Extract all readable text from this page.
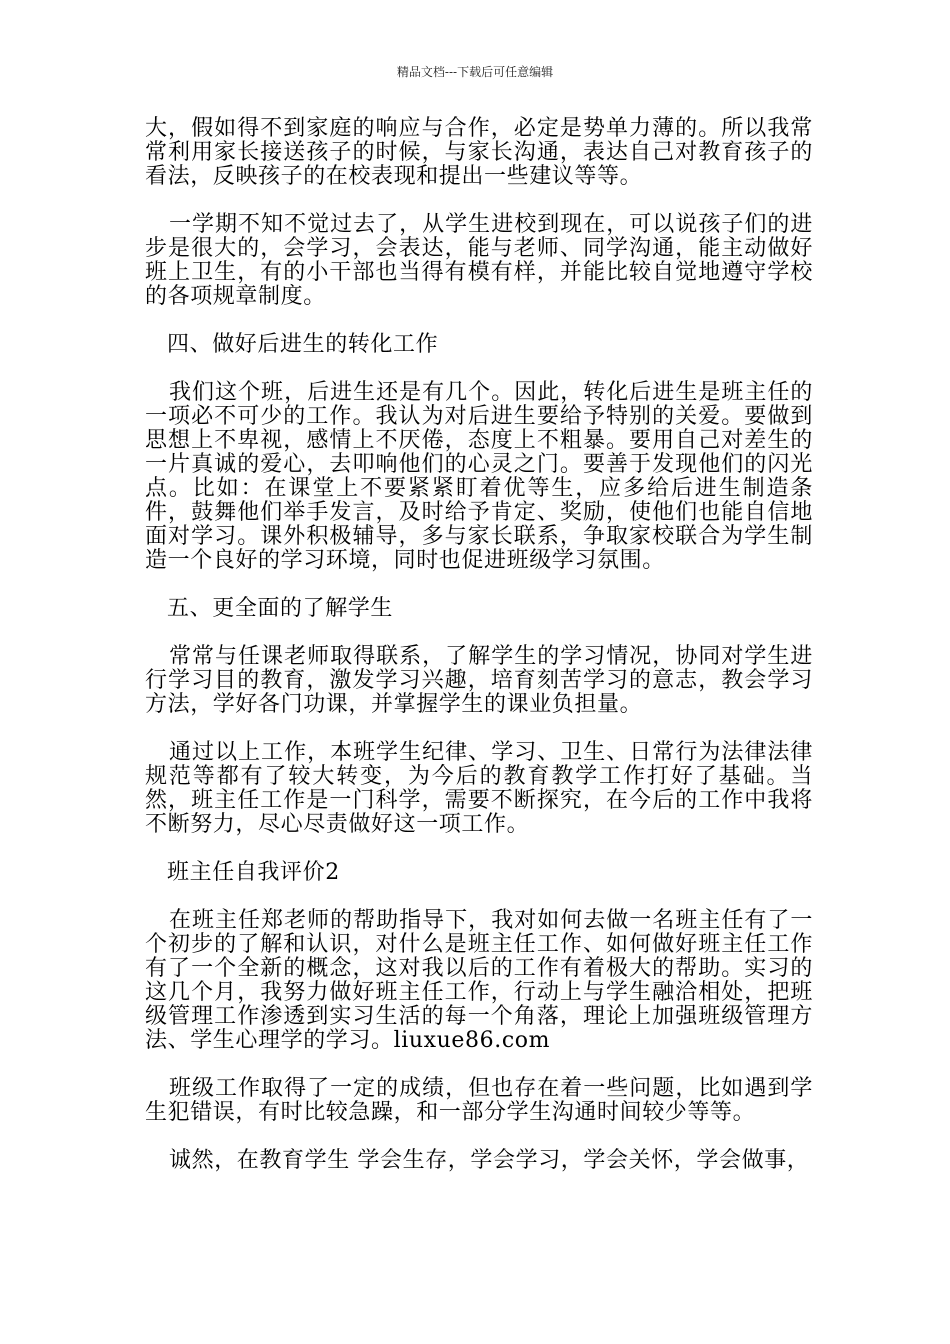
精品文档---下载后可任意编辑

大，假如得不到家庭的响应与合作，必定是势单力薄的。所以我常常利用家长接送孩子的时候，与家长沟通，表达自己对教育孩子的看法，反映孩子的在校表现和提出一些建议等等。

一学期不知不觉过去了，从学生进校到现在，可以说孩子们的进步是很大的，会学习，会表达，能与老师、同学沟通，能主动做好班上卫生，有的小干部也当得有模有样，并能比较自觉地遵守学校的各项规章制度。

四、做好后进生的转化工作

我们这个班，后进生还是有几个。因此，转化后进生是班主任的一项必不可少的工作。我认为对后进生要给予特别的关爱。要做到思想上不卑视，感情上不厌倦，态度上不粗暴。要用自己对差生的一片真诚的爱心，去叩响他们的心灵之门。要善于发现他们的闪光点。比如：在课堂上不要紧紧盯着优等生，应多给后进生制造条件，鼓舞他们举手发言，及时给予肯定、奖励，使他们也能自信地面对学习。课外积极辅导，多与家长联系，争取家校联合为学生制造一个良好的学习环境，同时也促进班级学习氛围。

五、更全面的了解学生

常常与任课老师取得联系，了解学生的学习情况，协同对学生进行学习目的教育，激发学习兴趣，培育刻苦学习的意志，教会学习方法，学好各门功课，并掌握学生的课业负担量。

通过以上工作，本班学生纪律、学习、卫生、日常行为法律法律规范等都有了较大转变，为今后的教育教学工作打好了基础。当然，班主任工作是一门科学，需要不断探究，在今后的工作中我将不断努力，尽心尽责做好这一项工作。

班主任自我评价2

在班主任郑老师的帮助指导下，我对如何去做一名班主任有了一个初步的了解和认识，对什么是班主任工作、如何做好班主任工作有了一个全新的概念，这对我以后的工作有着极大的帮助。实习的这几个月，我努力做好班主任工作，行动上与学生融洽相处，把班级管理工作渗透到实习生活的每一个角落，理论上加强班级管理方法、学生心理学的学习。liuxue86.com

班级工作取得了一定的成绩，但也存在着一些问题，比如遇到学生犯错误，有时比较急躁，和一部分学生沟通时间较少等等。

诚然，在教育学生 学会生存，学会学习，学会关怀，学会做事，
